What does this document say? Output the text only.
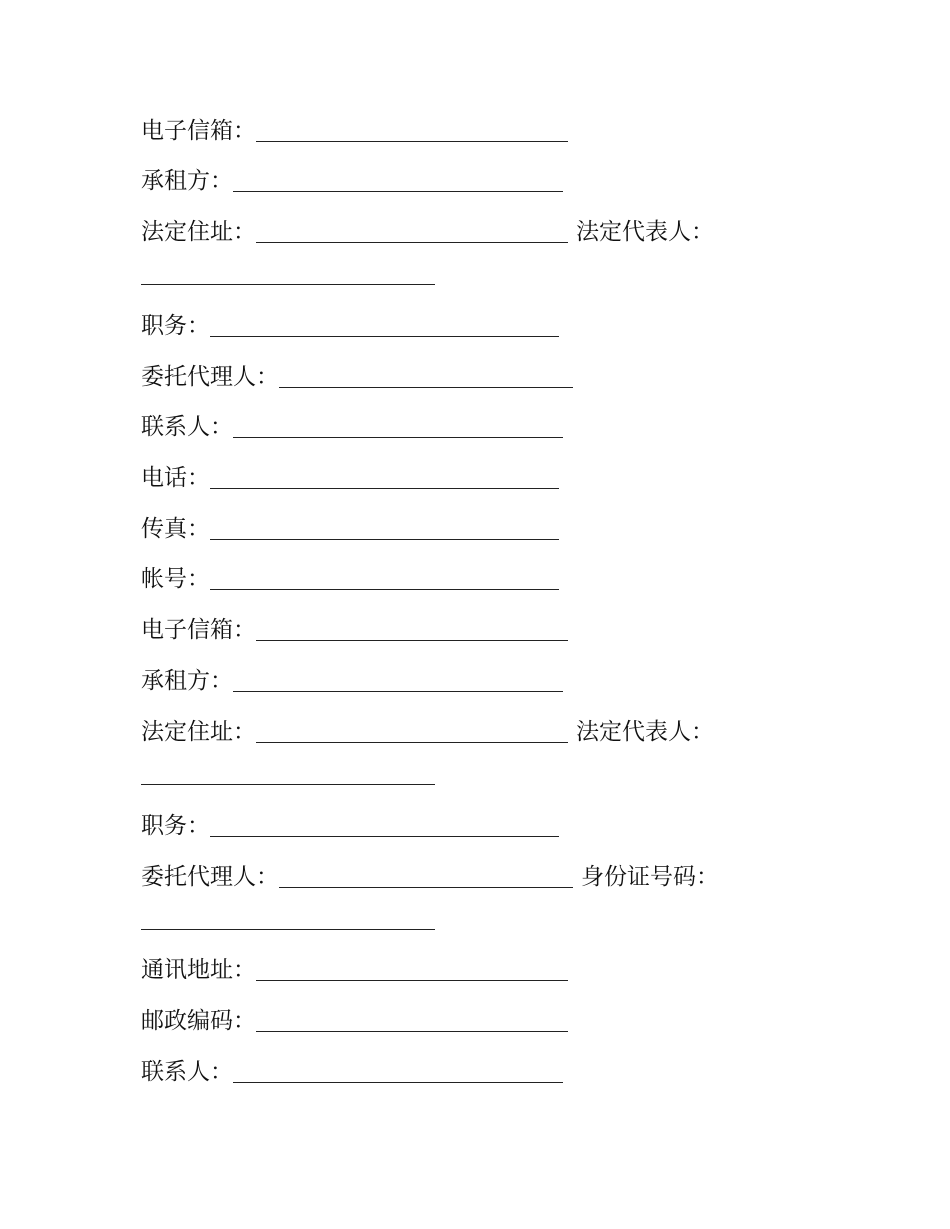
电子信箱：
承租方：
法定住址：	法定代表人：
职务：
委托代理人：
联系人：
电话：
传真：
帐号：
电子信箱：
承租方：
法定住址：	法定代表人：
职务：
委托代理人：	身份证号码：
通讯地址：
邮政编码：
联系人：
